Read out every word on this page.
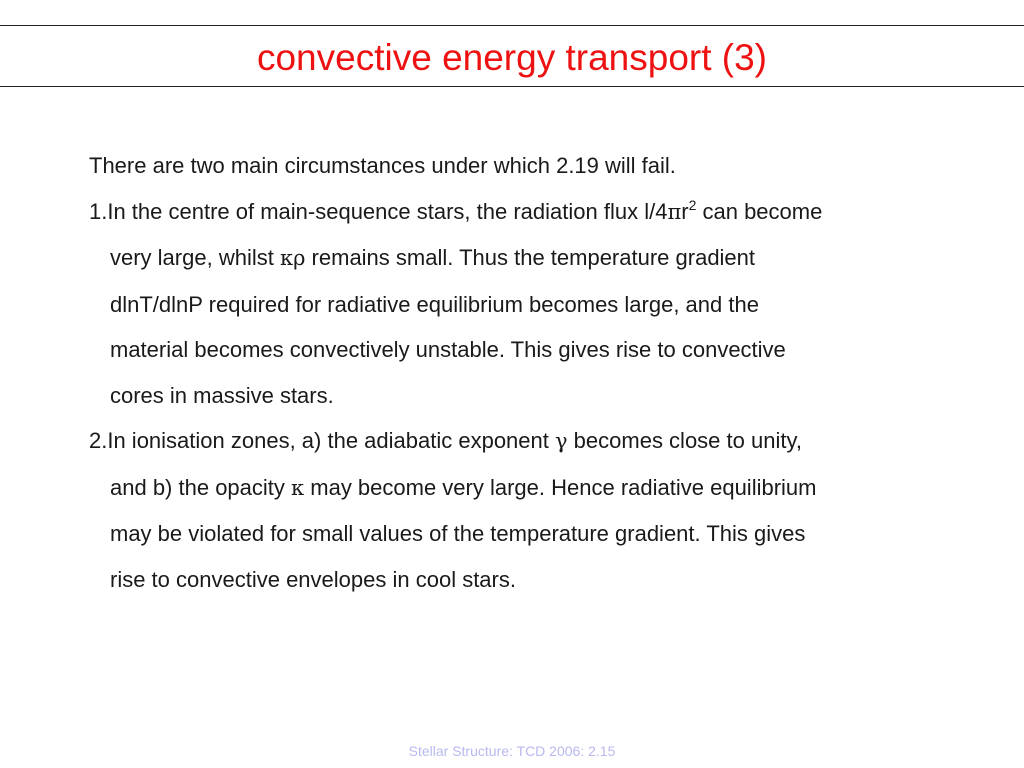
convective energy transport (3)

There are two main circumstances under which 2.19 will fail.

1.In the centre of main-sequence stars, the radiation flux $l/4\pi r^2$ can become
very large, whilst κρ remains small. Thus the temperature gradient
dlnT/dlnP required for radiative equilibrium becomes large, and the
material becomes convectively unstable. This gives rise to convective
cores in massive stars.
2.In ionisation zones, a) the adiabatic exponent γ becomes close to unity,
and b) the opacity κ may become very large. Hence radiative equilibrium
may be violated for small values of the temperature gradient. This gives
rise to convective envelopes in cool stars.
Stellar Structure: TCD 2006: 2.15
